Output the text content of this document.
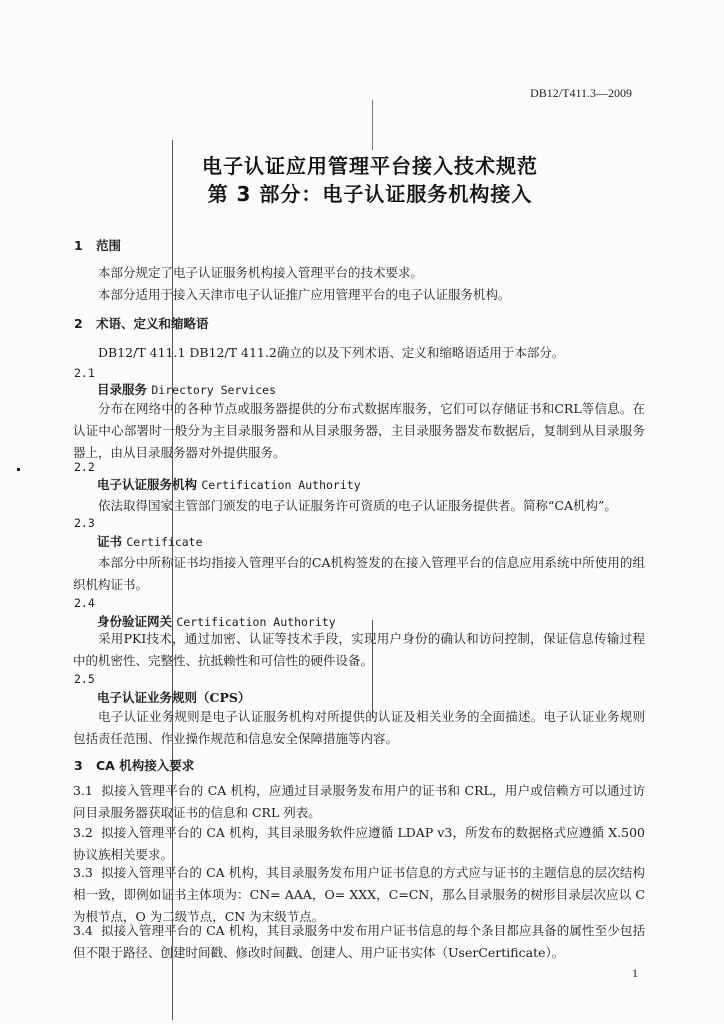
DB12/T411.3—2009
电子认证应用管理平台接入技术规范
第 3 部分：电子认证服务机构接入
1 范围
本部分规定了电子认证服务机构接入管理平台的技术要求。
本部分适用于接入天津市电子认证推广应用管理平台的电子认证服务机构。
2 术语、定义和缩略语
DB12/T 411.1 DB12/T 411.2确立的以及下列术语、定义和缩略语适用于本部分。
2.1
目录服务 Directory Services
分布在网络中的各种节点或服务器提供的分布式数据库服务，它们可以存储证书和CRL等信息。在认证中心部署时一般分为主目录服务器和从目录服务器，主目录服务器发布数据后，复制到从目录服务器上，由从目录服务器对外提供服务。
2.2
电子认证服务机构 Certification Authority
依法取得国家主管部门颁发的电子认证服务许可资质的电子认证服务提供者。简称“CA机构”。
2.3
证书 Certificate
本部分中所称证书均指接入管理平台的CA机构签发的在接入管理平台的信息应用系统中所使用的组织机构证书。
2.4
身份验证网关 Certification Authority
采用PKI技术，通过加密、认证等技术手段，实现用户身份的确认和访问控制，保证信息传输过程中的机密性、完整性、抗抵赖性和可信性的硬件设备。
2.5
电子认证业务规则（CPS）
电子认证业务规则是电子认证服务机构对所提供的认证及相关业务的全面描述。电子认证业务规则包括责任范围、作业操作规范和信息安全保障措施等内容。
3 CA 机构接入要求
3.1 拟接入管理平台的 CA 机构，应通过目录服务发布用户的证书和 CRL，用户或信赖方可以通过访问目录服务器获取证书的信息和 CRL 列表。
3.2 拟接入管理平台的 CA 机构，其目录服务软件应遵循 LDAP v3，所发布的数据格式应遵循 X.500 协议族相关要求。
3.3 拟接入管理平台的 CA 机构，其目录服务发布用户证书信息的方式应与证书的主题信息的层次结构相一致，即例如证书主体项为：CN= AAA，O= XXX，C=CN，那么目录服务的树形目录层次应以 C 为根节点，O 为二级节点，CN 为末级节点。
3.4 拟接入管理平台的 CA 机构，其目录服务中发布用户证书信息的每个条目都应具备的属性至少包括但不限于路径、创建时间戳、修改时间戳、创建人、用户证书实体（UserCertificate）。
1
